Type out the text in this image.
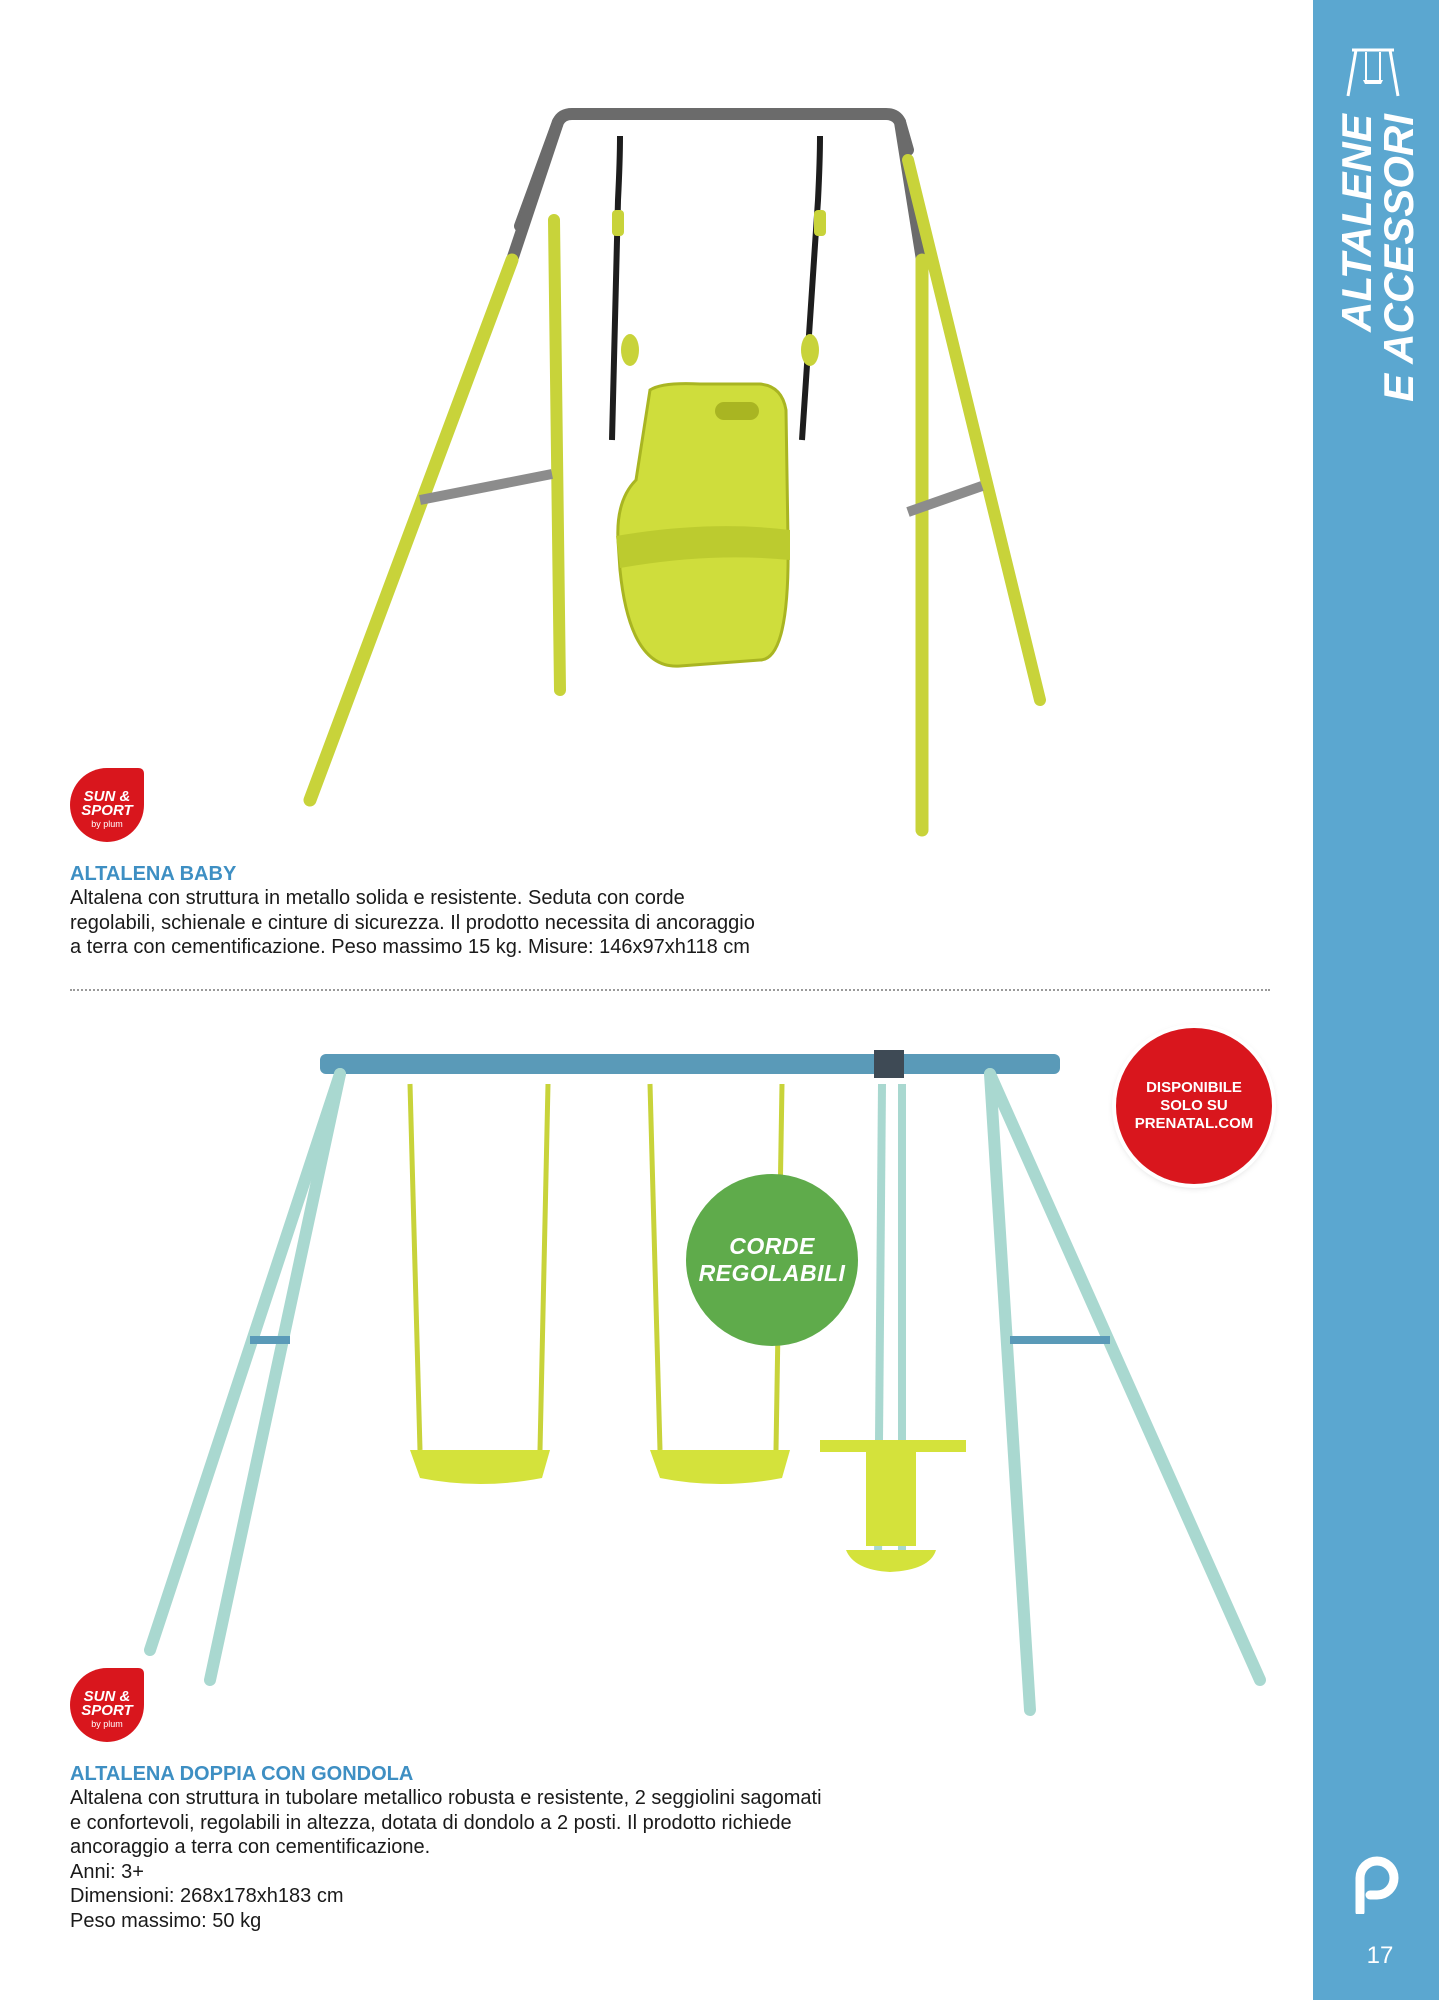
ALTALENE
E ACCESSORI
17
SUN &
SPORT
by plum
ALTALENA BABY
Altalena con struttura in metallo solida e resistente. Seduta con corde
regolabili, schienale e cinture di sicurezza. Il prodotto necessita di ancoraggio
a terra con cementificazione. Peso massimo 15 kg. Misure: 146x97xh118 cm
DISPONIBILE
SOLO SU
PRENATAL.COM
CORDE
REGOLABILI
SUN &
SPORT
by plum
ALTALENA DOPPIA CON GONDOLA
Altalena con struttura in tubolare metallico robusta e resistente, 2 seggiolini sagomati
e confortevoli, regolabili in altezza, dotata di dondolo a 2 posti. Il prodotto richiede
ancoraggio a terra con cementificazione.
Anni: 3+
Dimensioni: 268x178xh183 cm
Peso massimo: 50 kg
